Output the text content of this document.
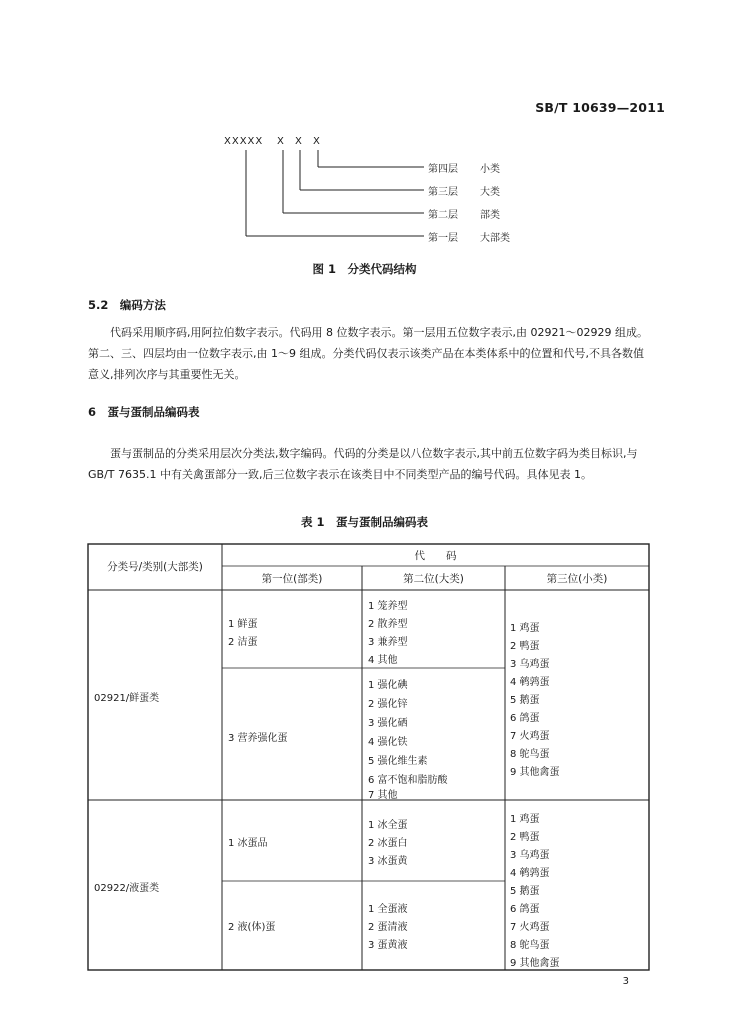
SB/T 10639—2011
XXXXX X X X
第四层 小类
第三层 大类
第二层 部类
第一层 大部类
图 1　分类代码结构
5.2　编码方法
代码采用顺序码,用阿拉伯数字表示。代码用 8 位数字表示。第一层用五位数字表示,由 02921～02929 组成。第二、三、四层均由一位数字表示,由 1～9 组成。分类代码仅表示该类产品在本类体系中的位置和代号,不具各数值意义,排列次序与其重要性无关。
6　蛋与蛋制品编码表
蛋与蛋制品的分类采用层次分类法,数字编码。代码的分类是以八位数字表示,其中前五位数字码为类目标识,与 GB/T 7635.1 中有关禽蛋部分一致,后三位数字表示在该类目中不同类型产品的编号代码。具体见表 1。
表 1　蛋与蛋制品编码表
分类号/类别(大部类)
代　　码
第一位(部类)	第二位(大类)	第三位(小类)
02921/鲜蛋类
1 鲜蛋
2 洁蛋
1 笼养型
2 散养型
3 兼养型
4 其他
3 营养强化蛋
1 强化碘
2 强化锌
3 强化硒
4 强化铁
5 强化维生素
6 富不饱和脂肪酸
7 其他
1 鸡蛋
2 鸭蛋
3 乌鸡蛋
4 鹌鹑蛋
5 鹅蛋
6 鸽蛋
7 火鸡蛋
8 鸵鸟蛋
9 其他禽蛋
02922/液蛋类
1 冰蛋品
1 冰全蛋
2 冰蛋白
3 冰蛋黄
2 液(体)蛋
1 全蛋液
2 蛋清液
3 蛋黄液
1 鸡蛋
2 鸭蛋
3 乌鸡蛋
4 鹌鹑蛋
5 鹅蛋
6 鸽蛋
7 火鸡蛋
8 鸵鸟蛋
9 其他禽蛋
3
